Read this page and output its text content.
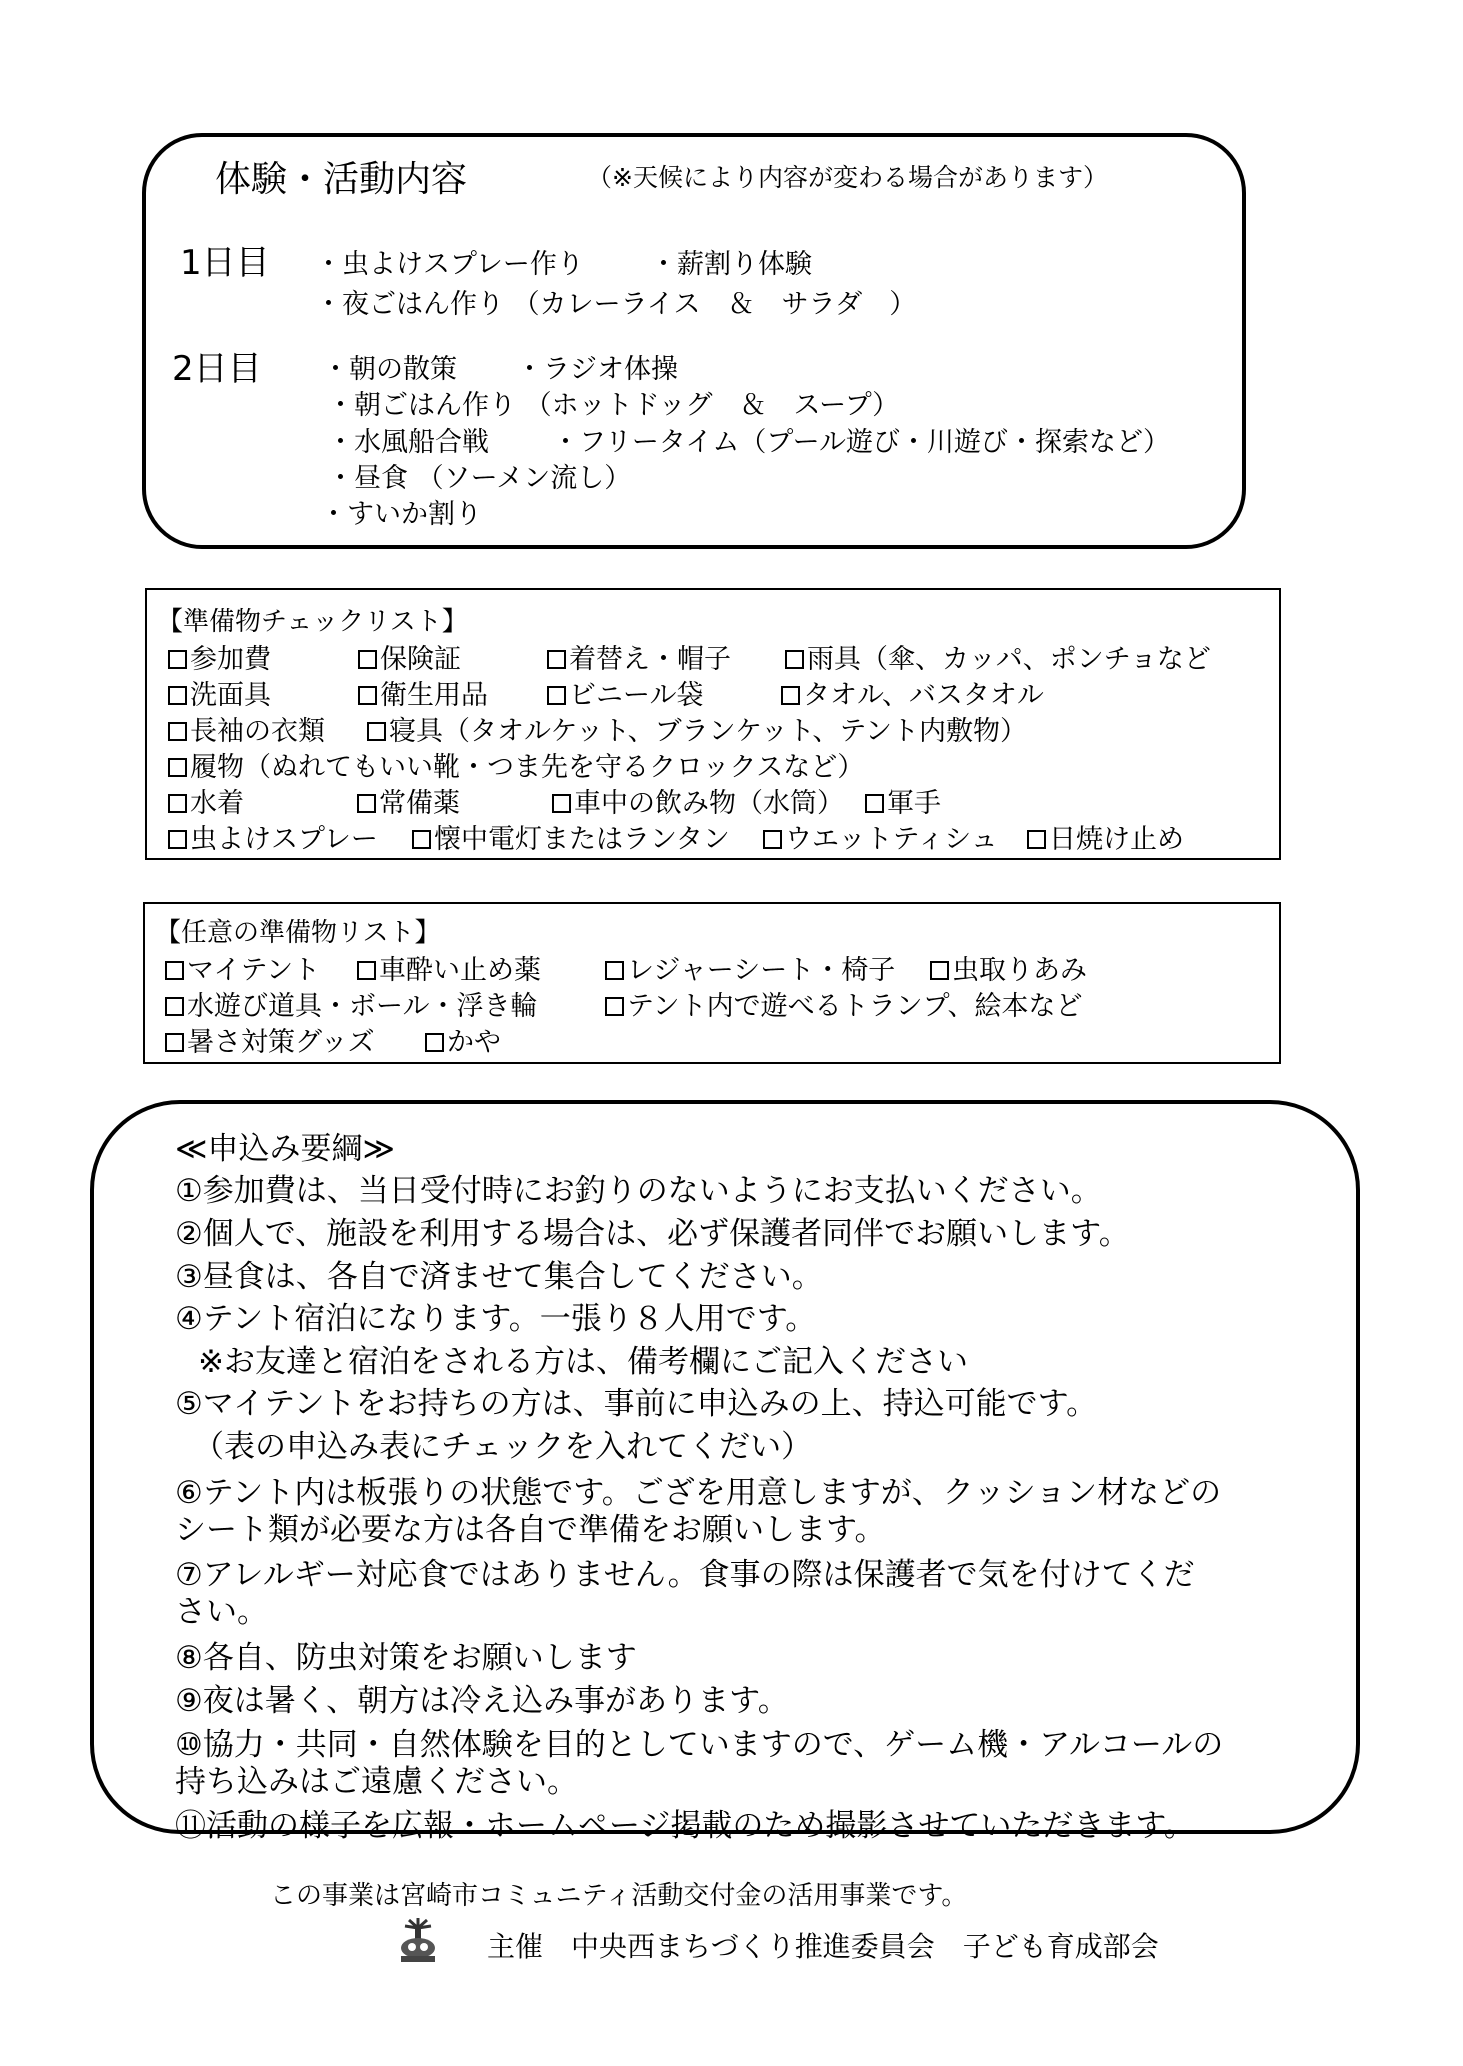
体験・活動内容	（※天候により内容が変わる場合があります）
1日目 ・虫よけスプレー作り ・薪割り体験
・夜ごはん作り （カレーライス　＆　サラダ　）
2日目 ・朝の散策 ・ラジオ体操
・朝ごはん作り （ホットドッグ　＆　スープ）
・水風船合戦 ・フリータイム（プール遊び・川遊び・探索など）
・昼食 （ソーメン流し）
・すいか割り
【準備物チェックリスト】
参加費	保険証	着替え・帽子	雨具（傘、カッパ、ポンチョなど
洗面具	衛生用品	ビニール袋	タオル、バスタオル
長袖の衣類	寝具（タオルケット、ブランケット、テント内敷物）
履物（ぬれてもいい靴・つま先を守るクロックスなど）
水着	常備薬	車中の飲み物（水筒）	軍手
虫よけスプレー	懐中電灯またはランタン	ウエットティシュ	日焼け止め
【任意の準備物リスト】
マイテント	車酔い止め薬	レジャーシート・椅子	虫取りあみ
水遊び道具・ボール・浮き輪	テント内で遊べるトランプ、絵本など
暑さ対策グッズ	かや
≪申込み要綱≫
①参加費は、当日受付時にお釣りのないようにお支払いください。
②個人で、施設を利用する場合は、必ず保護者同伴でお願いします。
③昼食は、各自で済ませて集合してください。
④テント宿泊になります。一張り８人用です。
※お友達と宿泊をされる方は、備考欄にご記入ください
⑤マイテントをお持ちの方は、事前に申込みの上、持込可能です。
（表の申込み表にチェックを入れてくだい）
⑥テント内は板張りの状態です。ござを用意しますが、クッション材などの
シート類が必要な方は各自で準備をお願いします。
⑦アレルギー対応食ではありません。食事の際は保護者で気を付けてくだ
さい。
⑧各自、防虫対策をお願いします
⑨夜は暑く、朝方は冷え込み事があります。
⑩協力・共同・自然体験を目的としていますので、ゲーム機・アルコールの
持ち込みはご遠慮ください。
⑪活動の様子を広報・ホームページ掲載のため撮影させていただきます。
この事業は宮崎市コミュニティ活動交付金の活用事業です。
主催　中央西まちづくり推進委員会　子ども育成部会
